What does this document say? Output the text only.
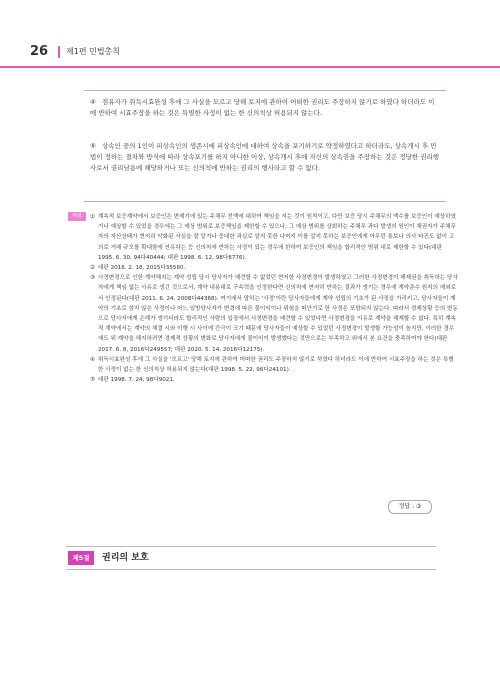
26 제1편 민법총칙
④ 점유자가 취득시효완성 후에 그 사실을 모르고 당해 토지에 관하여 어떠한 권리도 주장하지 않기로 하였다 하더라도 이에 반하여 시효주장을 하는 것은 특별한 사정이 없는 한 신의칙상 허용되지 않는다.
⑤ 상속인 중의 1인이 피상속인의 생존시에 피상속인에 대하여 상속을 포기하기로 약정하였다고 하더라도, 상속개시 후 민법이 정하는 절차와 방식에 따라 상속포기를 하지 아니한 이상, 상속개시 후에 자신의 상속권을 주장하는 것은 정당한 권리행사로서 권리남용에 해당하거나 또는 신의칙에 반하는 권리의 행사라고 할 수 없다.
해설	① 계속적 보증계약에서 보증인은 변제기에 있는 주채무 전액에 대하여 책임을 지는 것이 원칙이고, 다만 보증 당시 주채무의 액수를 보증인이 예상하였거나 예상할 수 있었을 경우에는 그 예상 범위로 보증책임을 제한할 수 있으나, 그 예상 범위를 상회하는 주채무 과다 발생의 원인이 채권자가 주채무자의 자산상태가 현저히 악화된 사실을 잘 알거나 중대한 과실로 알지 못한 나머지 이를 알지 못하는 보증인에게 아무런 통보나 의사 타진도 없이 고의로 거래 규모를 확대함에 연유하는 등 신의칙에 반하는 사정이 있는 경우에 한하여 보증인의 책임을 합리적인 범위 내로 제한할 수 있다(대판 1995. 6. 30, 94다40444; 대판 1998. 6. 12, 98다8776).
② 대판 2016. 2. 18, 2015다35560.
③ 사정변경으로 인한 계약해지는 계약 성립 당시 당사자가 예견할 수 없었던 현저한 사정변경이 발생하였고 그러한 사정변경이 해제권을 취득하는 당사자에게 책임 없는 사유로 생긴 것으로서, 계약 내용대로 구속력을 인정한다면 신의칙에 현저히 반하는 결과가 생기는 경우에 계약준수 원칙의 예외로서 인정된다(대판 2011. 6. 24, 2008다44368). 여기에서 말하는 '사정'이란 당사자들에게 계약 성립의 기초가 된 사정을 가리키고, 당사자들이 계약의 기초로 삼지 않은 사정이나 어느 일방당사자가 변경에 따른 불이익이나 위험을 떠안기로 한 사정은 포함되지 않는다. 따라서 경제상황 등의 변동으로 당사자에게 손해가 생기더라도 합리적인 사람의 입장에서 사정변경을 예견할 수 있었다면 사정변경을 이유로 계약을 해제할 수 없다. 특히 계속적 계약에서는 계약의 체결 시와 이행 시 사이에 간극이 크기 때문에 당사자들이 예상할 수 있었던 사정변경이 발생할 가능성이 높지만, 이러한 경우에도 위 계약을 해지하려면 경제적 상황의 변화로 당사자에게 불이익이 발생했다는 것만으로는 부족하고 위에서 본 요건을 충족하여야 한다(대판 2017. 6. 8, 2016다249557; 대판 2020. 5. 14, 2016다12175).
④ 취득시효완성 후에 그 사실을 '모르고' 당해 토지에 관하여 어떠한 권리도 주장하지 않기로 하였다 하더라도 이에 반하여 시효주장을 하는 것은 특별한 사정이 없는 한 신의칙상 허용되지 않는다(대판 1998. 5. 22, 96다24101).
⑤ 대판 1998. 7. 24, 98다9021.
정답 : ③
제5절	권리의 보호
